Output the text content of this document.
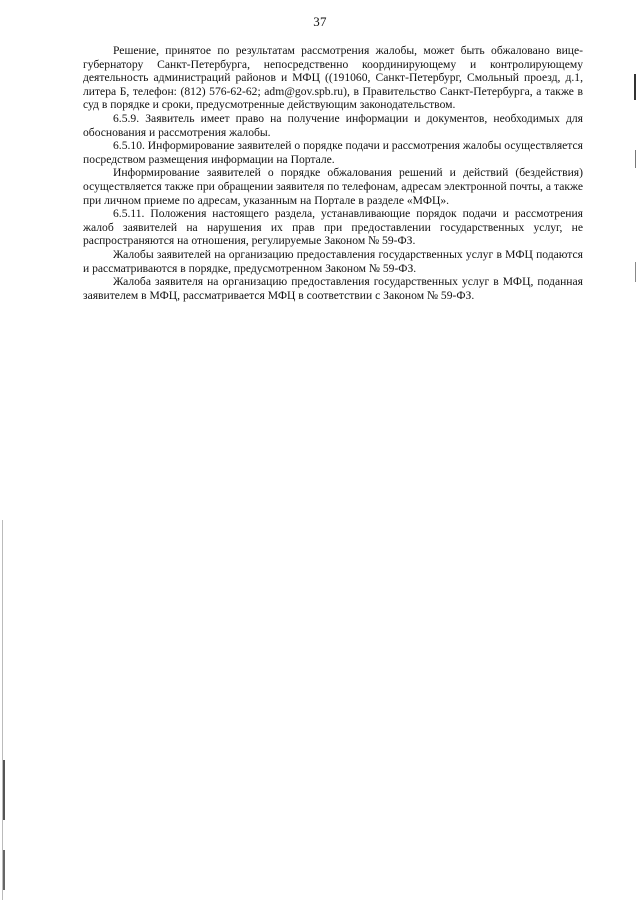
37

Решение, принятое по результатам рассмотрения жалобы, может быть обжаловано вице-губернатору Санкт-Петербурга, непосредственно координирующему и контролирующему деятельность администраций районов и МФЦ ((191060, Санкт-Петербург, Смольный проезд, д.1, литера Б, телефон: (812) 576-62-62; adm@gov.spb.ru), в Правительство Санкт-Петербурга, а также в суд в порядке и сроки, предусмотренные действующим законодательством.

6.5.9. Заявитель имеет право на получение информации и документов, необходимых для обоснования и рассмотрения жалобы.

6.5.10. Информирование заявителей о порядке подачи и рассмотрения жалобы осуществляется посредством размещения информации на Портале.

Информирование заявителей о порядке обжалования решений и действий (бездействия) осуществляется также при обращении заявителя по телефонам, адресам электронной почты, а также при личном приеме по адресам, указанным на Портале в разделе «МФЦ».

6.5.11. Положения настоящего раздела, устанавливающие порядок подачи и рассмотрения жалоб заявителей на нарушения их прав при предоставлении государственных услуг, не распространяются на отношения, регулируемые Законом № 59-ФЗ.

Жалобы заявителей на организацию предоставления государственных услуг в МФЦ подаются и рассматриваются в порядке, предусмотренном Законом № 59-ФЗ.

Жалоба заявителя на организацию предоставления государственных услуг в МФЦ, поданная заявителем в МФЦ, рассматривается МФЦ в соответствии с Законом № 59-ФЗ.
